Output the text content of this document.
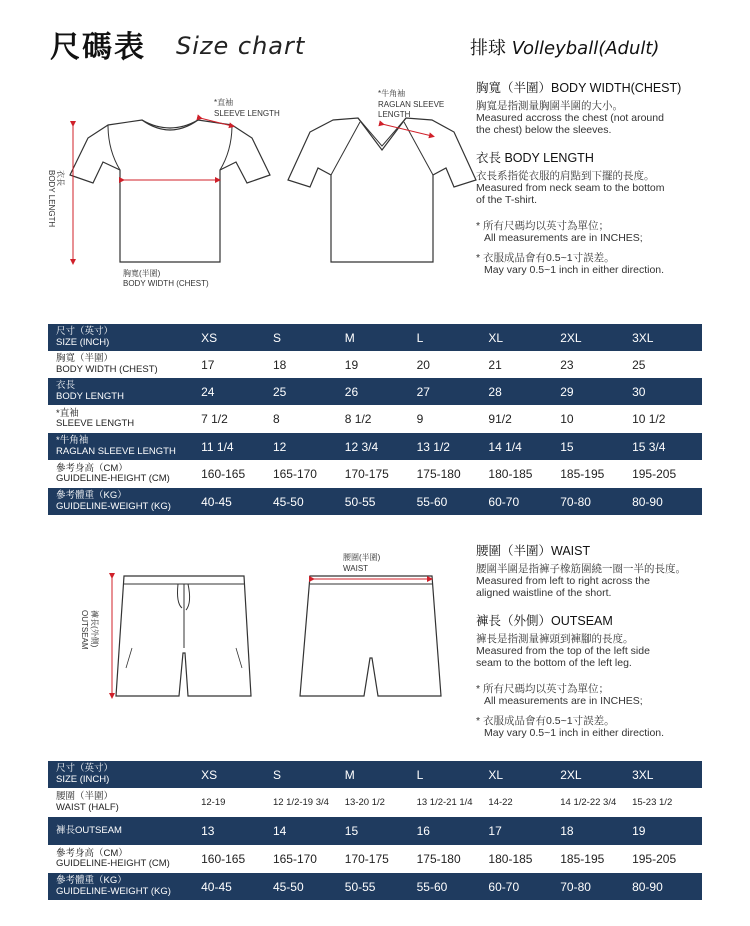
尺碼表 Size chart	排球 Volleyball(Adult)
*直袖
SLEEVE LENGTH
*牛角袖
RAGLAN SLEEVE
LENGTH
胸寬(半圍)
BODY WIDTH (CHEST)
衣長
BODY LENGTH
胸寬（半圍）BODY WIDTH(CHEST)

胸寬是指測量胸圍半圍的大小。
Measured accross the chest (not around
the chest) below the sleeves.

衣長 BODY LENGTH

衣長系指從衣服的肩點到下擺的長度。
Measured from neck seam to the bottom
of the T-shirt.

* 所有尺碼均以英寸為單位；
All measurements are in INCHES;
* 衣服成品會有0.5~1寸誤差。
May vary 0.5~1 inch in either direction.
尺寸（英寸）
SIZE (INCH)	XS	S	M	L	XL	2XL	3XL

胸寬（半圍）
BODY WIDTH (CHEST)	17	18	19	20	21	23	25

衣長
BODY LENGTH	24	25	26	27	28	29	30

*直袖
SLEEVE LENGTH	7 1/2	8	8 1/2	9	91/2	10	10 1/2

*牛角袖
RAGLAN SLEEVE LENGTH	11 1/4	12	12 3/4	13 1/2	14 1/4	15	15 3/4

參考身高（CM）
GUIDELINE-HEIGHT (CM)	160-165	165-170	170-175	175-180	180-185	185-195	195-205

參考體重（KG）
GUIDELINE-WEIGHT (KG)	40-45	45-50	50-55	55-60	60-70	70-80	80-90
腰圍(半圍)
WAIST
褲長(外側)
OUTSEAM
腰圍（半圍）WAIST

腰圍半圍是指褲子橡筋圍繞一圈一半的長度。
Measured from left to right across the
aligned waistline of the short.

褲長（外側）OUTSEAM

褲長是指測量褲頭到褲腳的長度。
Measured from the top of the left side
seam to the bottom of the left leg.

* 所有尺碼均以英寸為單位；
All measurements are in INCHES;
* 衣服成品會有0.5~1寸誤差。
May vary 0.5~1 inch in either direction.
尺寸（英寸）
SIZE (INCH)	XS	S	M	L	XL	2XL	3XL

腰圍（半圍）
WAIST (HALF)	12-19	12 1/2-19 3/4	13-20 1/2	13 1/2-21 1/4	14-22	14 1/2-22 3/4	15-23 1/2

褲長OUTSEAM	13	14	15	16	17	18	19

參考身高（CM）
GUIDELINE-HEIGHT (CM)	160-165	165-170	170-175	175-180	180-185	185-195	195-205

參考體重（KG）
GUIDELINE-WEIGHT (KG)	40-45	45-50	50-55	55-60	60-70	70-80	80-90
